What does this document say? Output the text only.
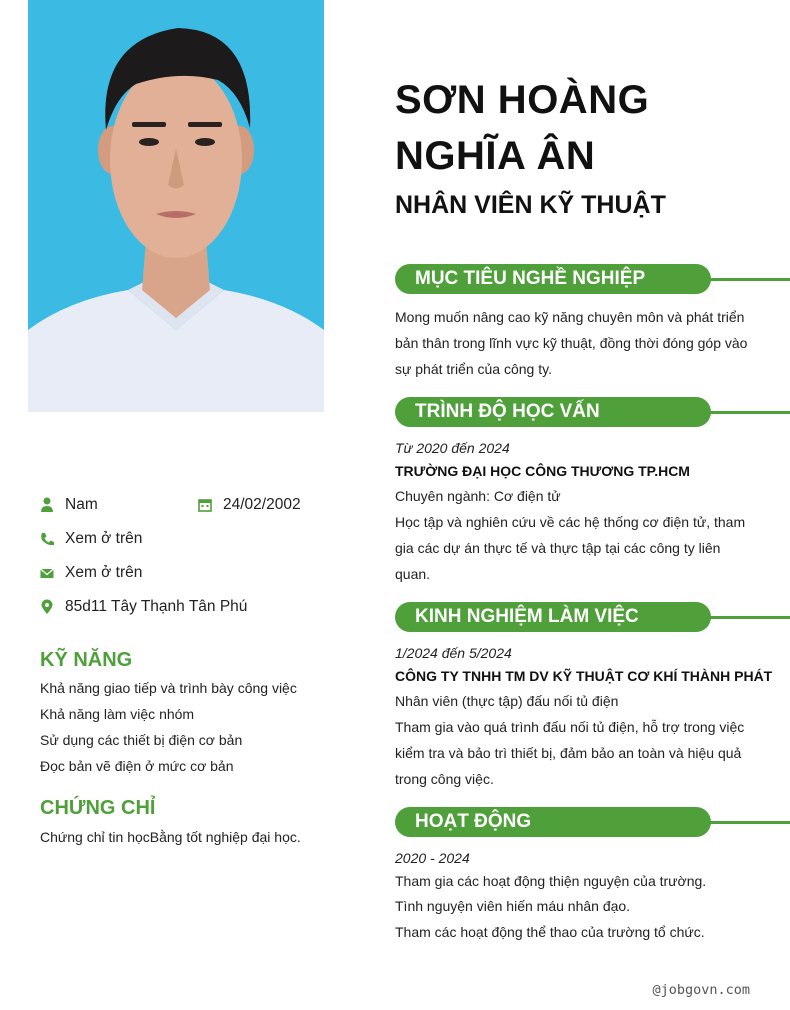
SƠN HOÀNG
NGHĨA ÂN
NHÂN VIÊN KỸ THUẬT
MỤC TIÊU NGHỀ NGHIỆP
Mong muốn nâng cao kỹ năng chuyên môn và phát triển
bản thân trong lĩnh vực kỹ thuật, đồng thời đóng góp vào
sự phát triển của công ty.
TRÌNH ĐỘ HỌC VẤN
Từ 2020 đến 2024
TRƯỜNG ĐẠI HỌC CÔNG THƯƠNG TP.HCM
Chuyên ngành: Cơ điện tử
Học tập và nghiên cứu về các hệ thống cơ điện tử, tham
gia các dự án thực tế và thực tập tại các công ty liên
quan.
KINH NGHIỆM LÀM VIỆC
1/2024 đến 5/2024
CÔNG TY TNHH TM DV KỸ THUẬT CƠ KHÍ THÀNH PHÁT
Nhân viên (thực tập) đấu nối tủ điện
Tham gia vào quá trình đấu nối tủ điện, hỗ trợ trong việc
kiểm tra và bảo trì thiết bị, đảm bảo an toàn và hiệu quả
trong công việc.
HOẠT ĐỘNG
2020 - 2024
Tham gia các hoạt động thiện nguyện của trường.
Tình nguyện viên hiến máu nhân đạo.
Tham các hoạt động thể thao của trường tổ chức.
Nam	24/02/2002
Xem ở trên
Xem ở trên
85d11 Tây Thạnh Tân Phú
KỸ NĂNG
Khả năng giao tiếp và trình bày công việc
Khả năng làm việc nhóm
Sử dụng các thiết bị điện cơ bản
Đọc bản vẽ điện ở mức cơ bản
CHỨNG CHỈ
Chứng chỉ tin họcBằng tốt nghiệp đại học.
@jobgovn.com
